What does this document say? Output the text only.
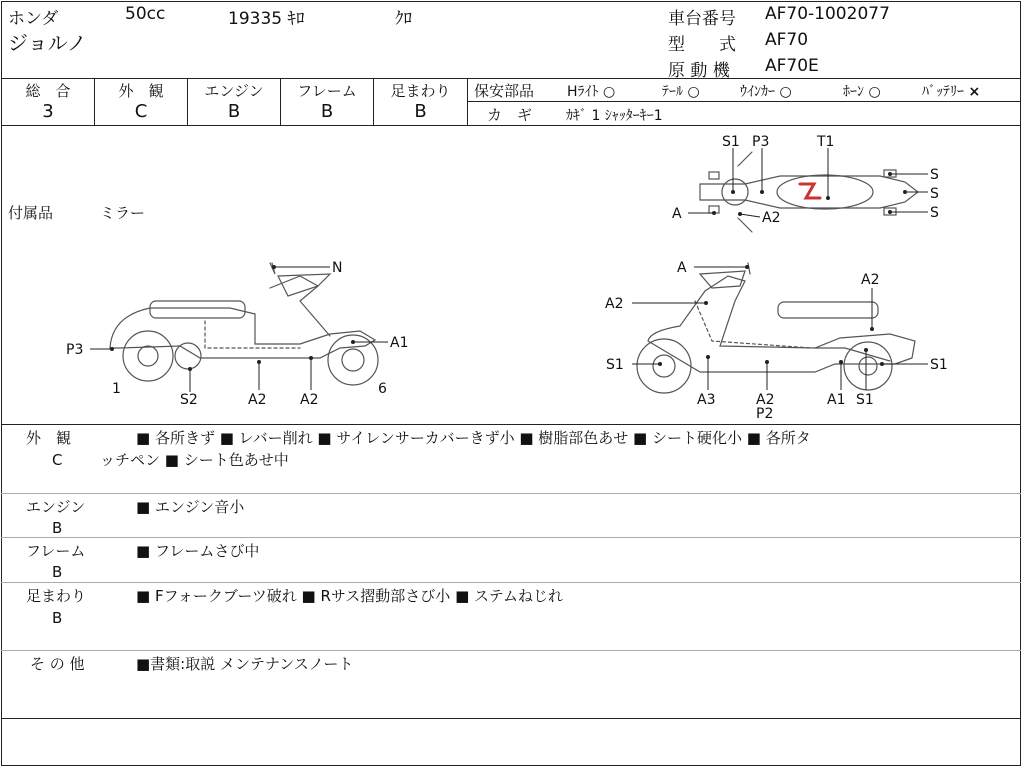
ホンダ	50cc	19335 ｷﾛ	ｸﾛ
ジョルノ
車台番号 AF70-1002077
型　　式 AF70
原 動 機 AF70E
総　合
3
外　観
C
エンジン
B
フレーム
B
足まわり
B
保安部品 Hﾗｲﾄ ○	ﾃｰﾙ ○	ｳｲﾝｶｰ ○	ﾎｰﾝ ○	ﾊﾞｯﾃﾘｰ ×
カ　ギ ｶｷﾞ 1 ｼｬｯﾀｰｷｰ1
付属品	ミラー
S1 P3	T1
S
S
S
A	A2
N
P3	A1
1
S2	A2 A2
6
A
A2
A2
S1	S1
A3	A2
P2
A1 S1
外　観
C
■ 各所きず ■ レバー削れ ■ サイレンサーカバーきず小 ■ 樹脂部色あせ ■ シート硬化小 ■ 各所タ
ッチペン ■ シート色あせ中
エンジン
B
■ エンジン音小
フレーム
B
■ フレームさび中
足まわり
B
■ Fフォークブーツ破れ ■ Rサス摺動部さび小 ■ ステムねじれ
そ の 他	■書類:取説 メンテナンスノート
